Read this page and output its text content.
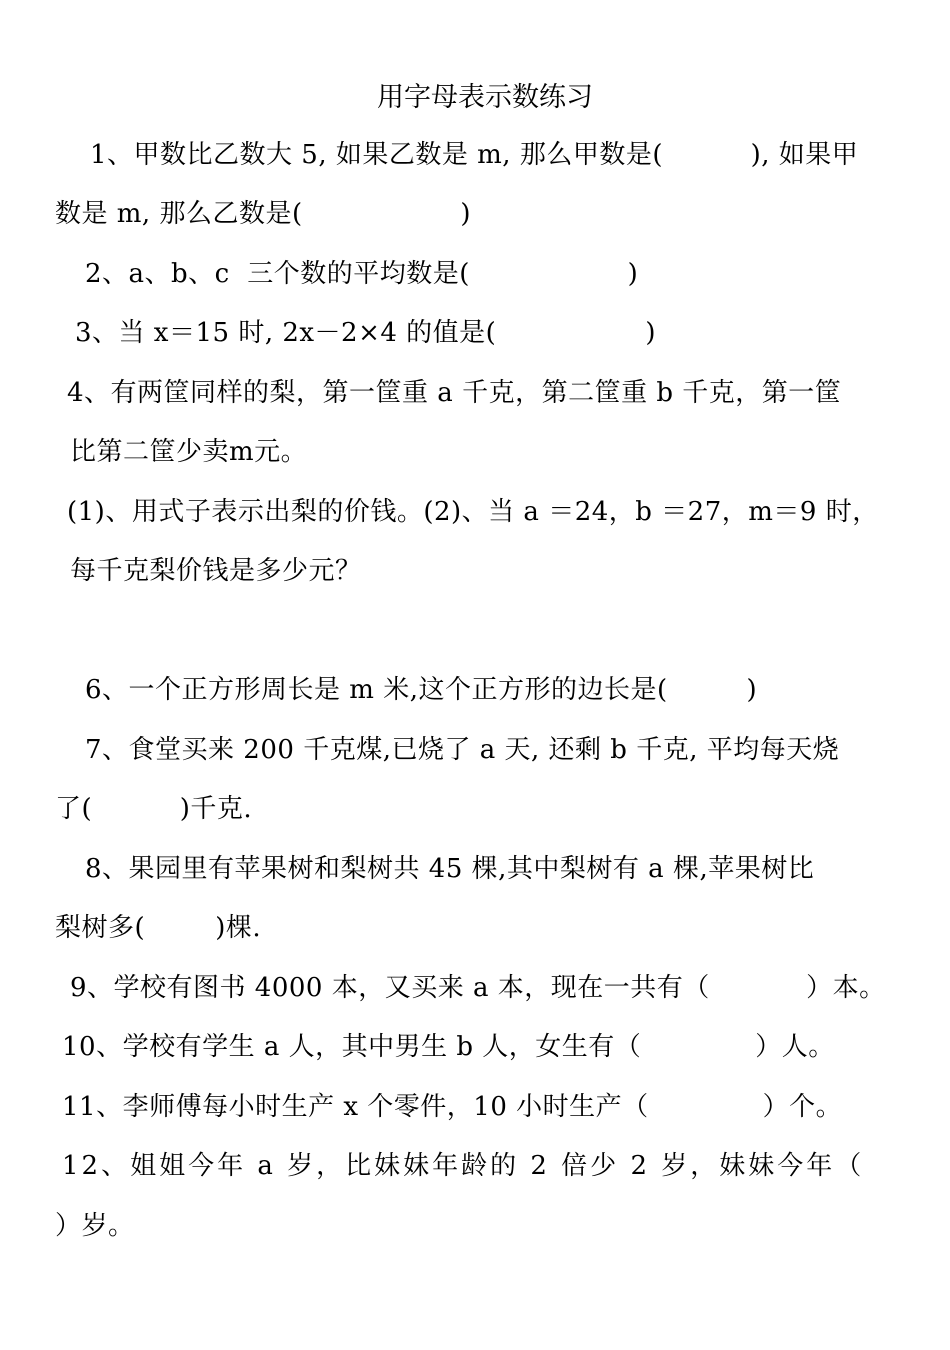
用字母表示数练习
1、甲数比乙数大 5, 如果乙数是 m, 那么甲数是(          ), 如果甲
数是 m, 那么乙数是(                  )
2、a、b、c  三个数的平均数是(                  )
3、当 x＝15 时, 2x－2×4 的值是(                 )
4、有两筐同样的梨，第一筐重 a 千克，第二筐重 b 千克，第一筐
比第二筐少卖m元。
(1)、用式子表示出梨的价钱。(2)、当 a ＝24，b ＝27，m＝9 时，
每千克梨价钱是多少元？
6、一个正方形周长是 m 米,这个正方形的边长是(         )
7、食堂买来 200 千克煤,已烧了 a 天, 还剩 b 千克, 平均每天烧
了(          )千克.
8、果园里有苹果树和梨树共 45 棵,其中梨树有 a 棵,苹果树比
梨树多(        )棵.
9、学校有图书 4000 本，又买来 a 本，现在一共有（           ）本。
10、学校有学生 a 人，其中男生 b 人，女生有（             ）人。
11、李师傅每小时生产 x 个零件，10 小时生产（             ）个。
12、姐姐今年 a 岁，比妹妹年龄的 2 倍少 2 岁，妹妹今年（
）岁。
